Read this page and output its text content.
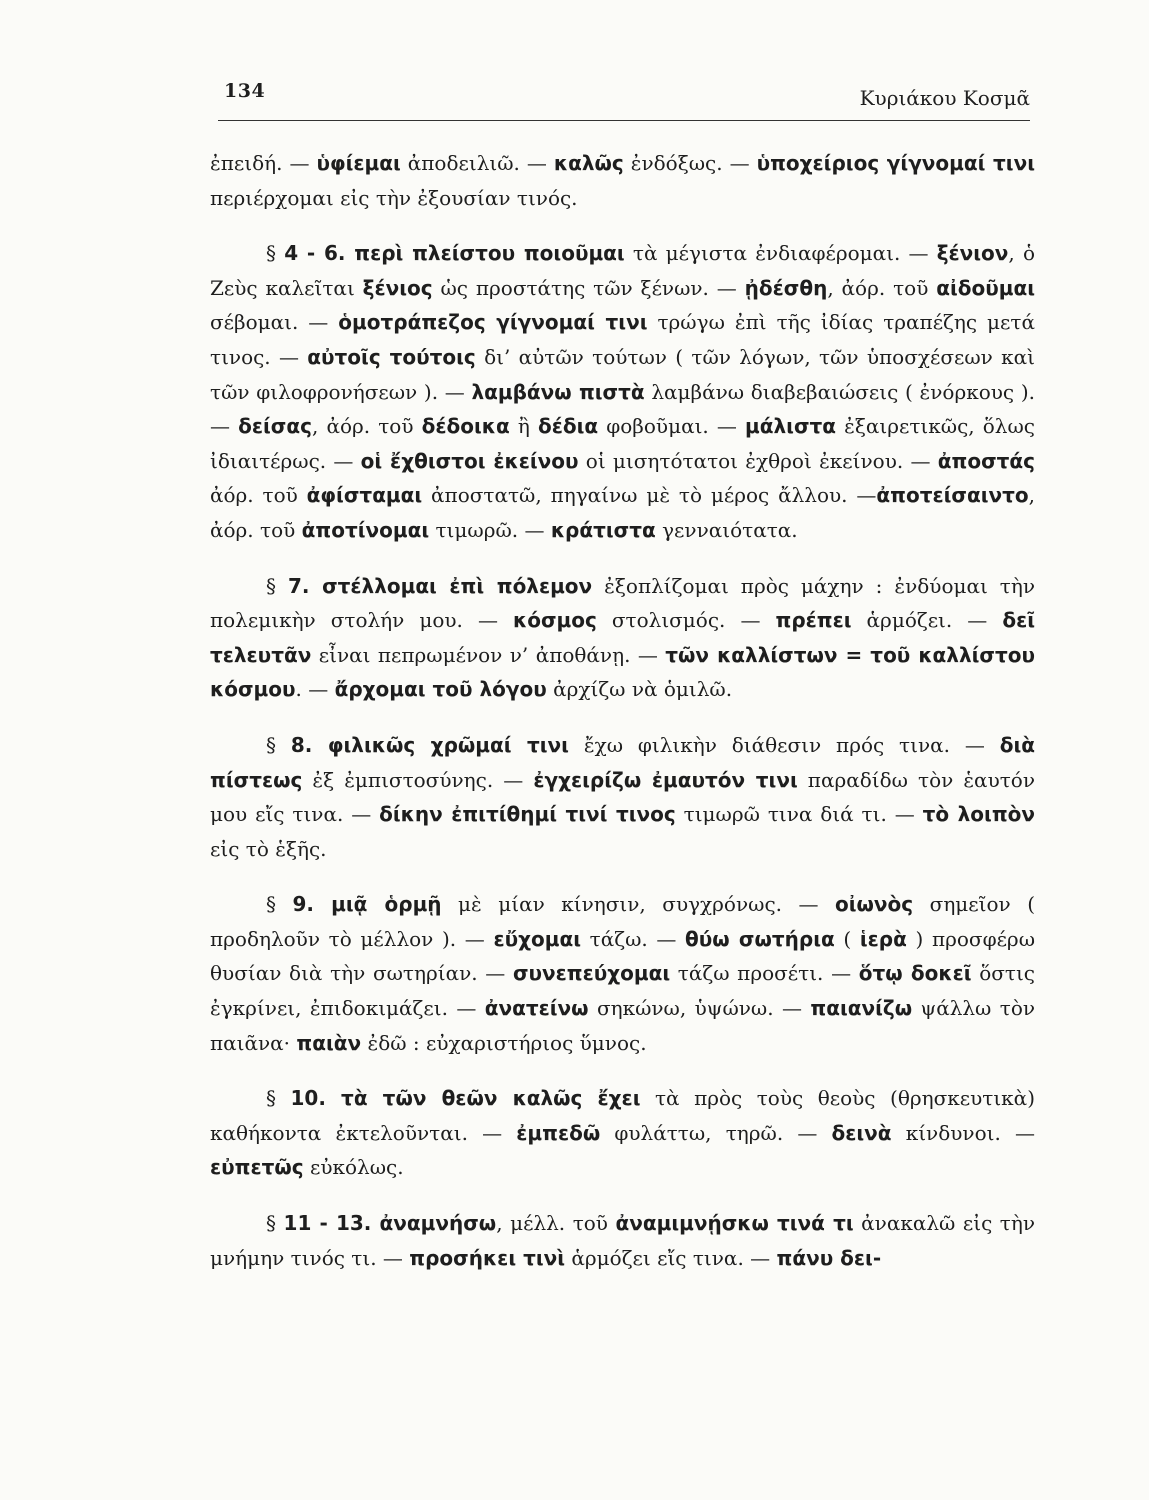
134	Κυριάκου Κοσμᾶ

ἐπειδή. — ὑφίεμαι ἀποδειλιῶ. — καλῶς ἐνδόξως. — ὑποχείριος γίγνομαί τινι περιέρχομαι εἰς τὴν ἐξουσίαν τινός.

§ 4 - 6. περὶ πλείστου ποιοῦμαι τὰ μέγιστα ἐνδιαφέρομαι. — ξένιον, ὁ Ζεὺς καλεῖται ξένιος ὡς προστάτης τῶν ξένων. — ᾐδέσθη, ἀόρ. τοῦ αἰδοῦμαι σέβομαι. — ὁμοτράπεζος γίγνομαί τινι τρώγω ἐπὶ τῆς ἰδίας τραπέζης μετά τινος. — αὐτοῖς τούτοις δι’ αὐτῶν τούτων ( τῶν λόγων, τῶν ὑποσχέσεων καὶ τῶν φιλοφρονήσεων ). — λαμβάνω πιστὰ λαμβάνω διαβεβαιώσεις ( ἐνόρκους ). — δείσας, ἀόρ. τοῦ δέδοικα ἢ δέδια φοβοῦμαι. — μάλιστα ἐξαιρετικῶς, ὅλως ἰδιαιτέρως. — οἱ ἔχθιστοι ἐκείνου οἱ μισητότατοι ἐχθροὶ ἐκείνου. — ἀποστάς ἀόρ. τοῦ ἀφίσταμαι ἀποστατῶ, πηγαίνω μὲ τὸ μέρος ἄλλου. —ἀποτείσαιντο, ἀόρ. τοῦ ἀποτίνομαι τιμωρῶ. — κράτιστα γενναιότατα.

§ 7. στέλλομαι ἐπὶ πόλεμον ἐξοπλίζομαι πρὸς μάχην : ἐνδύομαι τὴν πολεμικὴν στολήν μου. — κόσμος στολισμός. — πρέπει ἁρμόζει. — δεῖ τελευτᾶν εἶναι πεπρωμένον ν’ ἀποθάνῃ. — τῶν καλλίστων = τοῦ καλλίστου κόσμου. — ἄρχομαι τοῦ λόγου ἀρχίζω νὰ ὁμιλῶ.

§ 8. φιλικῶς χρῶμαί τινι ἔχω φιλικὴν διάθεσιν πρός τινα. — διὰ πίστεως ἐξ ἐμπιστοσύνης. — ἐγχειρίζω ἐμαυτόν τινι παραδίδω τὸν ἑαυτόν μου εἴς τινα. — δίκην ἐπιτίθημί τινί τινος τιμωρῶ τινα διά τι. — τὸ λοιπὸν εἰς τὸ ἑξῆς.

§ 9. μιᾷ ὁρμῇ μὲ μίαν κίνησιν, συγχρόνως. — οἰωνὸς σημεῖον ( προδηλοῦν τὸ μέλλον ). — εὔχομαι τάζω. — θύω σωτήρια ( ἱερὰ ) προσφέρω θυσίαν διὰ τὴν σωτηρίαν. — συνεπεύχομαι τάζω προσέτι. — ὅτῳ δοκεῖ ὅστις ἐγκρίνει, ἐπιδοκιμάζει. — ἀνατείνω σηκώνω, ὑψώνω. — παιανίζω ψάλλω τὸν παιᾶνα· παιὰν ἐδῶ : εὐχαριστήριος ὕμνος.

§ 10. τὰ τῶν θεῶν καλῶς ἔχει τὰ πρὸς τοὺς θεοὺς (θρησκευτικὰ) καθήκοντα ἐκτελοῦνται. — ἐμπεδῶ φυλάττω, τηρῶ. — δεινὰ κίνδυνοι. — εὐπετῶς εὐκόλως.

§ 11 - 13. ἀναμνήσω, μέλλ. τοῦ ἀναμιμνῄσκω τινά τι ἀνακαλῶ εἰς τὴν μνήμην τινός τι. — προσήκει τινὶ ἁρμόζει εἴς τινα. — πάνυ δει-
